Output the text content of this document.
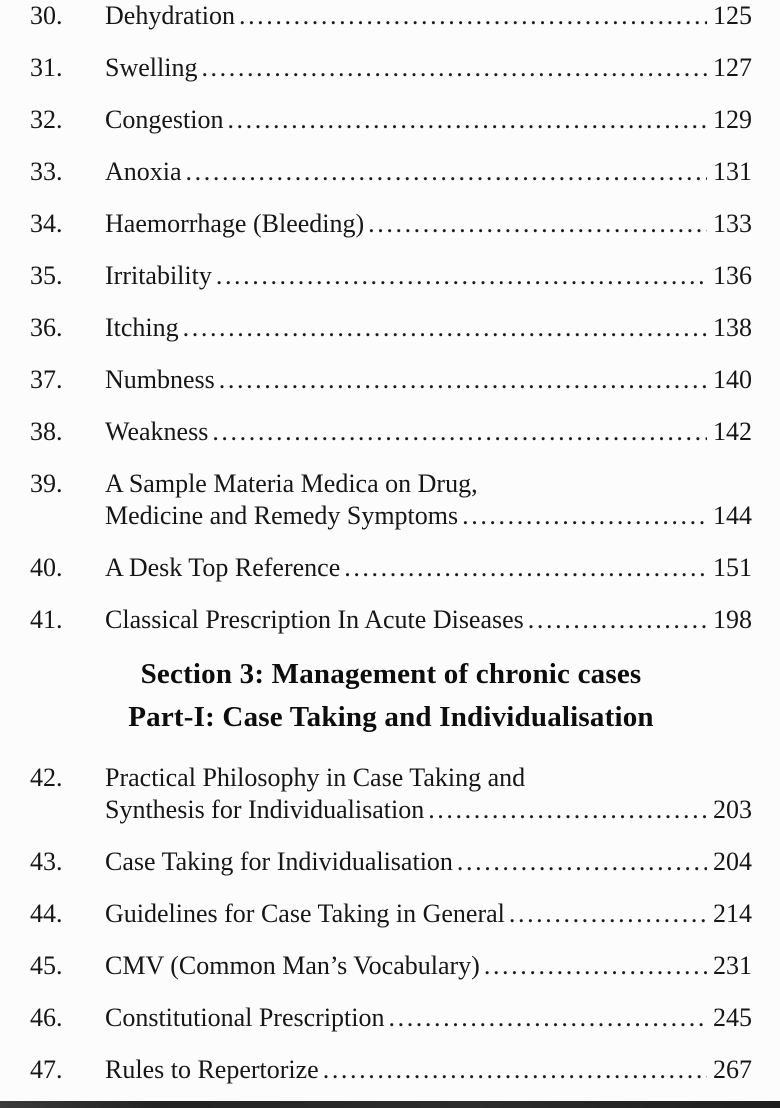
30.	Dehydration .....	125
31.	Swelling .....	127
32.	Congestion .....	129
33.	Anoxia .....	131
34.	Haemorrhage (Bleeding) .....	133
35.	Irritability .....	136
36.	Itching .....	138
37.	Numbness .....	140
38.	Weakness .....	142
39.	A Sample Materia Medica on Drug,
Medicine and Remedy Symptoms .....	144
40.	A Desk Top Reference .....	151
41.	Classical Prescription In Acute Diseases .....	198
Section 3: Management of chronic cases
Part-I: Case Taking and Individualisation
42.	Practical Philosophy in Case Taking and
Synthesis for Individualisation .....	203
43.	Case Taking for Individualisation .....	204
44.	Guidelines for Case Taking in General .....	214
45.	CMV (Common Man’s Vocabulary) .....	231
46.	Constitutional Prescription .....	245
47.	Rules to Repertorize .....	267
